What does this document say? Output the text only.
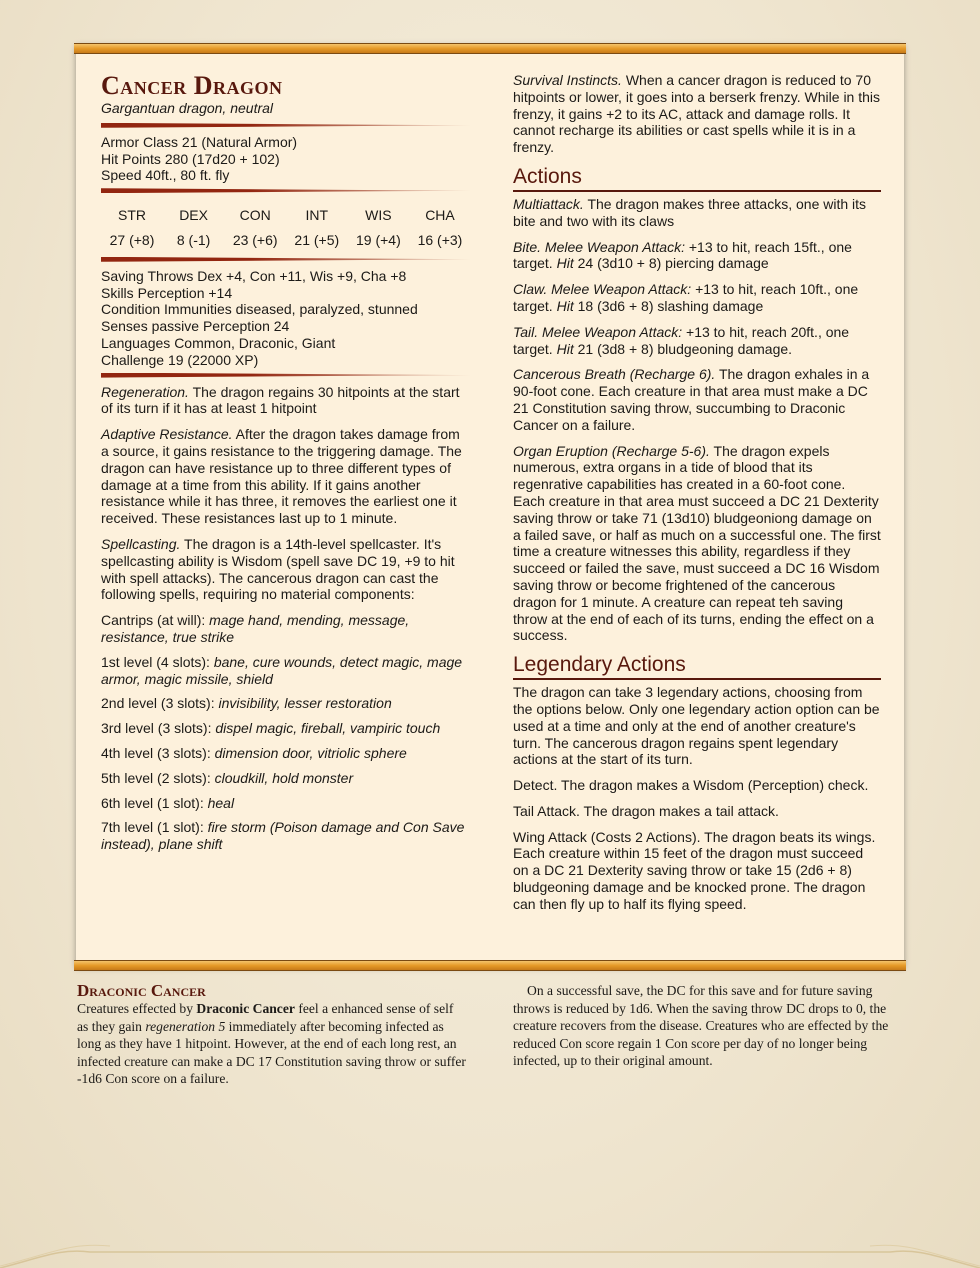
Cancer Dragon

Gargantuan dragon, neutral

Armor Class 21 (Natural Armor)

Hit Points 280 (17d20 + 102)

Speed 40ft., 80 ft. fly

STR
27 (+8)
DEX
8 (-1)
CON
23 (+6)
INT
21 (+5)
WIS
19 (+4)
CHA
16 (+3)

Saving Throws Dex +4, Con +11, Wis +9, Cha +8

Skills Perception +14

Condition Immunities diseased, paralyzed, stunned

Senses passive Perception 24

Languages Common, Draconic, Giant

Challenge 19 (22000 XP)

Regeneration. The dragon regains 30 hitpoints at the start of its turn if it has at least 1 hitpoint

Adaptive Resistance. After the dragon takes damage from a source, it gains resistance to the triggering damage. The dragon can have resistance up to three different types of damage at a time from this ability. If it gains another resistance while it has three, it removes the earliest one it received. These resistances last up to 1 minute.

Spellcasting. The dragon is a 14th-level spellcaster. It's spellcasting ability is Wisdom (spell save DC 19, +9 to hit with spell attacks). The cancerous dragon can cast the following spells, requiring no material components:

Cantrips (at will): mage hand, mending, message, resistance, true strike

1st level (4 slots): bane, cure wounds, detect magic, mage armor, magic missile, shield

2nd level (3 slots): invisibility, lesser restoration

3rd level (3 slots): dispel magic, fireball, vampiric touch

4th level (3 slots): dimension door, vitriolic sphere

5th level (2 slots): cloudkill, hold monster

6th level (1 slot): heal

7th level (1 slot): fire storm (Poison damage and Con Save instead), plane shift

Survival Instincts. When a cancer dragon is reduced to 70 hitpoints or lower, it goes into a berserk frenzy. While in this frenzy, it gains +2 to its AC, attack and damage rolls. It cannot recharge its abilities or cast spells while it is in a frenzy.

Actions

Multiattack. The dragon makes three attacks, one with its bite and two with its claws

Bite. Melee Weapon Attack: +13 to hit, reach 15ft., one target. Hit 24 (3d10 + 8) piercing damage

Claw. Melee Weapon Attack: +13 to hit, reach 10ft., one target. Hit 18 (3d6 + 8) slashing damage

Tail. Melee Weapon Attack: +13 to hit, reach 20ft., one target. Hit 21 (3d8 + 8) bludgeoning damage.

Cancerous Breath (Recharge 6). The dragon exhales in a 90-foot cone. Each creature in that area must make a DC 21 Constitution saving throw, succumbing to Draconic Cancer on a failure.

Organ Eruption (Recharge 5-6). The dragon expels numerous, extra organs in a tide of blood that its regenrative capabilities has created in a 60-foot cone. Each creature in that area must succeed a DC 21 Dexterity saving throw or take 71 (13d10) bludgeoniong damage on a failed save, or half as much on a successful one. The first time a creature witnesses this ability, regardless if they succeed or failed the save, must succeed a DC 16 Wisdom saving throw or become frightened of the cancerous dragon for 1 minute. A creature can repeat teh saving throw at the end of each of its turns, ending the effect on a success.

Legendary Actions

The dragon can take 3 legendary actions, choosing from the options below. Only one legendary action option can be used at a time and only at the end of another creature's turn. The cancerous dragon regains spent legendary actions at the start of its turn.

Detect. The dragon makes a Wisdom (Perception) check.

Tail Attack. The dragon makes a tail attack.

Wing Attack (Costs 2 Actions). The dragon beats its wings. Each creature within 15 feet of the dragon must succeed on a DC 21 Dexterity saving throw or take 15 (2d6 + 8) bludgeoning damage and be knocked prone. The dragon can then fly up to half its flying speed.

Draconic Cancer

Creatures effected by Draconic Cancer feel a enhanced sense of self as they gain regeneration 5 immediately after becoming infected as long as they have 1 hitpoint. However, at the end of each long rest, an infected creature can make a DC 17 Constitution saving throw or suffer -1d6 Con score on a failure.

On a successful save, the DC for this save and for future saving throws is reduced by 1d6. When the saving throw DC drops to 0, the creature recovers from the disease. Creatures who are effected by the reduced Con score regain 1 Con score per day of no longer being infected, up to their original amount.
